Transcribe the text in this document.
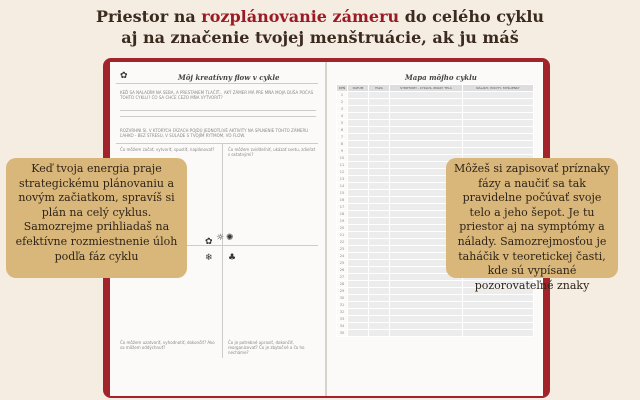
Priestor na rozplánovanie zámeru do celého cyklu
aj na značenie tvojej menštruácie, ak ju máš
✿	Môj kreatívny flow v cykle
KEĎ SA NALADÍM NA SEBA, A PRESTANEM TLAČIŤ... AKÝ ZÁMER MÁ PRE MŇA MOJA DUŠA POČAS TOHTO CYKLU? ČO SA CHCE CEZO MŇA VYTVORIŤ?
ROZVRHNI SI, V KTORÝCH FÁZACH POJDÚ JEDNOTLIVÉ AKTIVITY NA SPLNENIE TOHTO ZÁMERU ĽAHKO - BEZ STRESU, V SÚLADE S TVOJÍM RYTMOM, VO FLOW.
Čo môžem začať, vytvoriť, spustiť, naplánovať?	Čo môžem zviditeľniť, ukázať svetu, zdieľať s ostatnými?
Čo môžem uzatvoriť, vyhodnotiť, dokončiť? Ako sa môžem oddýchnuť?
Čo je potrebné upraviť, dokončiť, reorganizovať? Čo je zbytočné a čo ho necháme?
✿ ☼ ✺
❄ ♣
Mapa môjho cyklu
DEŇ	DÁTUM	FÁZA	SYMPTÓMY - CYKLUS, ZNAKY TELA	NÁLADY, POCITY, MYŠLIENKY
1				
2				
3				
4				
5				
6				
7				
8				
9				
10				
11				
12				
13				
14				
15				
16				
17				
18				
19				
20				
21				
22				
23				
24				
25				
26				
27				
28				
29				
30				
31				
32				
33				
34				
35				

Keď tvoja energia praje strategickému plánovaniu a novým začiatkom, spravíš si plán na celý cyklus. Samozrejme prihliadaš na efektívne rozmiestnenie úloh podľa fáz cyklu

Môžeš si zapisovať príznaky fázy a naučiť sa tak pravidelne počúvať svoje telo a jeho šepot. Je tu priestor aj na symptómy a nálady. Samozrejmosťou je taháčik v teoretickej časti, kde sú vypísané pozorovateľné znaky
